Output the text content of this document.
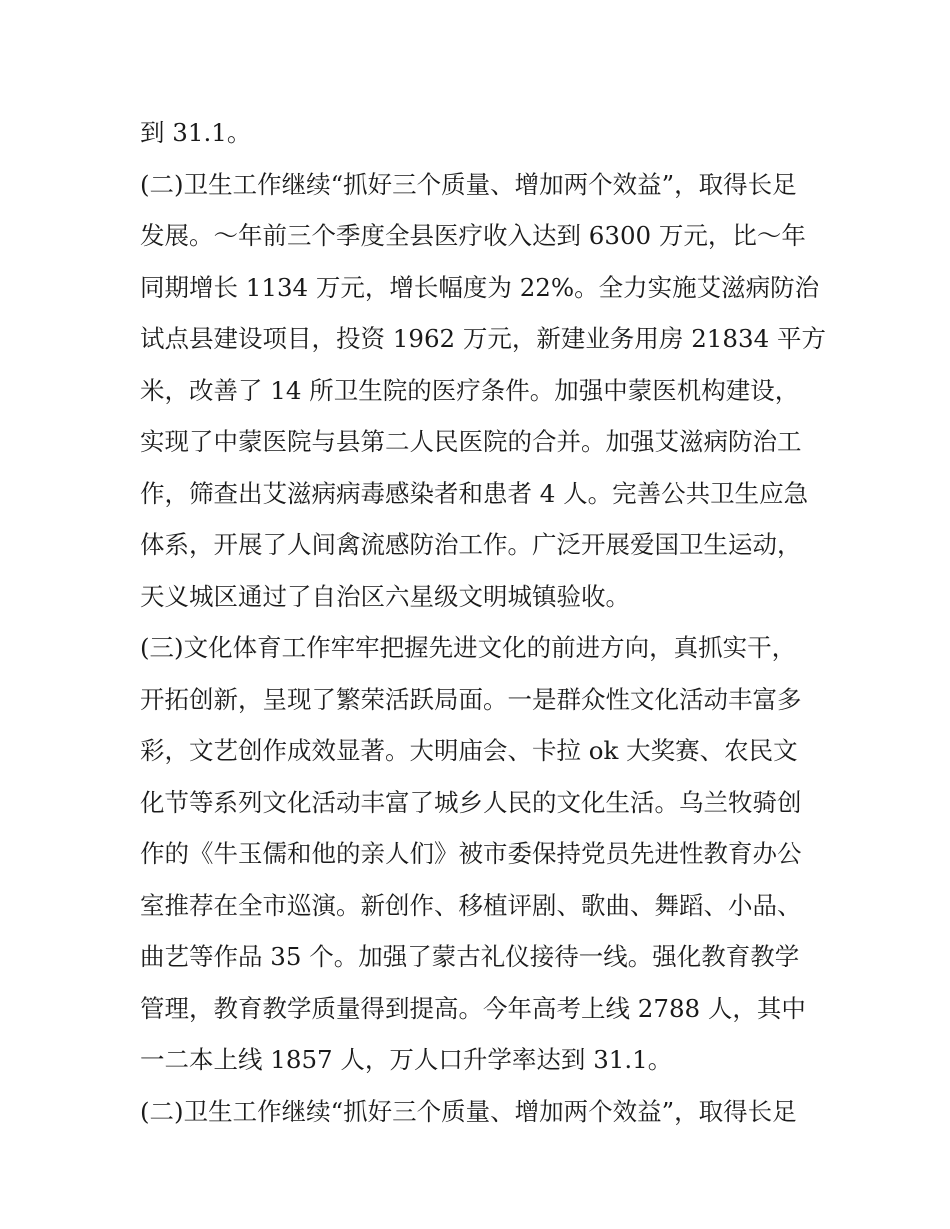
到 31.1。
(二)卫生工作继续“抓好三个质量、增加两个效益”，取得长足
发展。～年前三个季度全县医疗收入达到 6300 万元，比～年
同期增长 1134 万元，增长幅度为 22%。全力实施艾滋病防治
试点县建设项目，投资 1962 万元，新建业务用房 21834 平方
米，改善了 14 所卫生院的医疗条件。加强中蒙医机构建设，
实现了中蒙医院与县第二人民医院的合并。加强艾滋病防治工
作，筛查出艾滋病病毒感染者和患者 4 人。完善公共卫生应急
体系，开展了人间禽流感防治工作。广泛开展爱国卫生运动，
天义城区通过了自治区六星级文明城镇验收。
(三)文化体育工作牢牢把握先进文化的前进方向，真抓实干，
开拓创新，呈现了繁荣活跃局面。一是群众性文化活动丰富多
彩，文艺创作成效显著。大明庙会、卡拉 ok 大奖赛、农民文
化节等系列文化活动丰富了城乡人民的文化生活。乌兰牧骑创
作的《牛玉儒和他的亲人们》被市委保持党员先进性教育办公
室推荐在全市巡演。新创作、移植评剧、歌曲、舞蹈、小品、
曲艺等作品 35 个。加强了蒙古礼仪接待一线。强化教育教学
管理，教育教学质量得到提高。今年高考上线 2788 人，其中
一二本上线 1857 人，万人口升学率达到 31.1。
(二)卫生工作继续“抓好三个质量、增加两个效益”，取得长足
